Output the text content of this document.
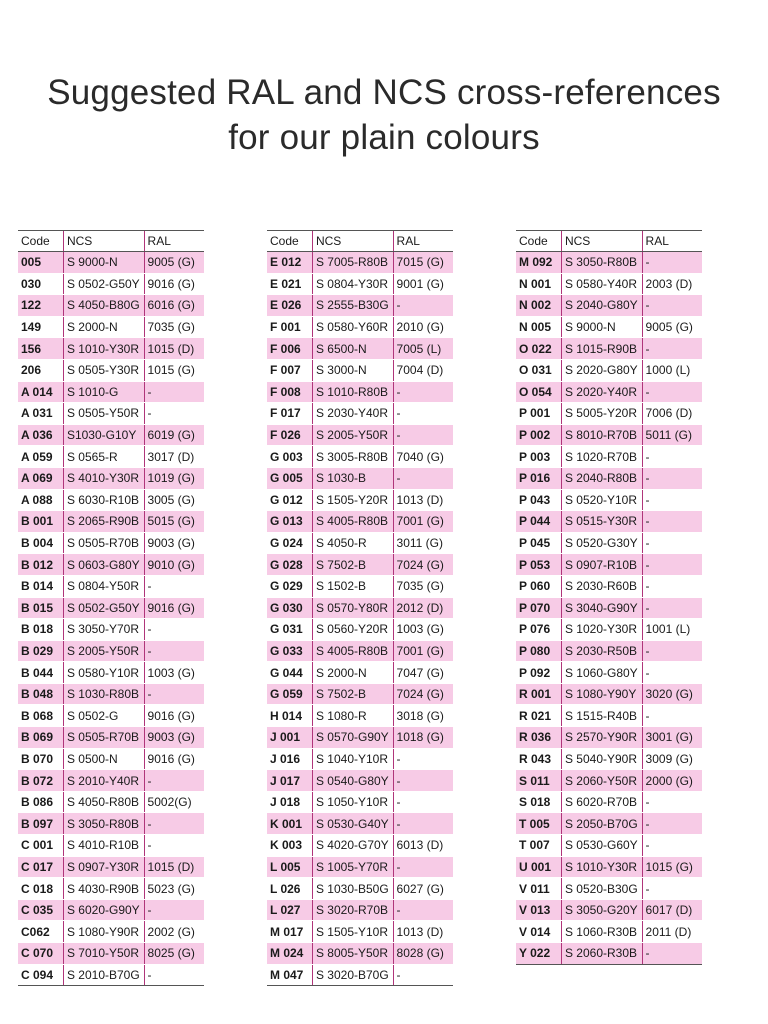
Suggested RAL and NCS cross-references
for our plain colours
Code	NCS	RAL
005	S 9000-N	9005 (G)
030	S 0502-G50Y	9016 (G)
122	S 4050-B80G	6016 (G)
149	S 2000-N	7035 (G)
156	S 1010-Y30R	1015 (D)
206	S 0505-Y30R	1015 (G)
A 014	S 1010-G	-
A 031	S 0505-Y50R	-
A 036	S1030-G10Y	6019 (G)
A 059	S 0565-R	3017 (D)
A 069	S 4010-Y30R	1019 (G)
A 088	S 6030-R10B	3005 (G)
B 001	S 2065-R90B	5015 (G)
B 004	S 0505-R70B	9003 (G)
B 012	S 0603-G80Y	9010 (G)
B 014	S 0804-Y50R	-
B 015	S 0502-G50Y	9016 (G)
B 018	S 3050-Y70R	-
B 029	S 2005-Y50R	-
B 044	S 0580-Y10R	1003 (G)
B 048	S 1030-R80B	-
B 068	S 0502-G	9016 (G)
B 069	S 0505-R70B	9003 (G)
B 070	S 0500-N	9016 (G)
B 072	S 2010-Y40R	-
B 086	S 4050-R80B	5002(G)
B 097	S 3050-R80B	-
C 001	S 4010-R10B	-
C 017	S 0907-Y30R	1015 (D)
C 018	S 4030-R90B	5023 (G)
C 035	S 6020-G90Y	-
C062	S 1080-Y90R	2002 (G)
C 070	S 7010-Y50R	8025 (G)
C 094	S 2010-B70G	-
Code	NCS	RAL
E 012	S 7005-R80B	7015 (G)
E 021	S 0804-Y30R	9001 (G)
E 026	S 2555-B30G	-
F 001	S 0580-Y60R	2010 (G)
F 006	S 6500-N	7005 (L)
F 007	S 3000-N	7004 (D)
F 008	S 1010-R80B	-
F 017	S 2030-Y40R	-
F 026	S 2005-Y50R	-
G 003	S 3005-R80B	7040 (G)
G 005	S 1030-B	-
G 012	S 1505-Y20R	1013 (D)
G 013	S 4005-R80B	7001 (G)
G 024	S 4050-R	3011 (G)
G 028	S 7502-B	7024 (G)
G 029	S 1502-B	7035 (G)
G 030	S 0570-Y80R	2012 (D)
G 031	S 0560-Y20R	1003 (G)
G 033	S 4005-R80B	7001 (G)
G 044	S 2000-N	7047 (G)
G 059	S 7502-B	7024 (G)
H 014	S 1080-R	3018 (G)
J 001	S 0570-G90Y	1018 (G)
J 016	S 1040-Y10R	-
J 017	S 0540-G80Y	-
J 018	S 1050-Y10R	-
K 001	S 0530-G40Y	-
K 003	S 4020-G70Y	6013 (D)
L 005	S 1005-Y70R	-
L 026	S 1030-B50G	6027 (G)
L 027	S 3020-R70B	-
M 017	S 1505-Y10R	1013 (D)
M 024	S 8005-Y50R	8028 (G)
M 047	S 3020-B70G	-
Code	NCS	RAL
M 092	S 3050-R80B	-
N 001	S 0580-Y40R	2003 (D)
N 002	S 2040-G80Y	-
N 005	S 9000-N	9005 (G)
O 022	S 1015-R90B	-
O 031	S 2020-G80Y	1000 (L)
O 054	S 2020-Y40R	-
P 001	S 5005-Y20R	7006 (D)
P 002	S 8010-R70B	5011 (G)
P 003	S 1020-R70B	-
P 016	S 2040-R80B	-
P 043	S 0520-Y10R	-
P 044	S 0515-Y30R	-
P 045	S 0520-G30Y	-
P 053	S 0907-R10B	-
P 060	S 2030-R60B	-
P 070	S 3040-G90Y	-
P 076	S 1020-Y30R	1001 (L)
P 080	S 2030-R50B	-
P 092	S 1060-G80Y	-
R 001	S 1080-Y90Y	3020 (G)
R 021	S 1515-R40B	-
R 036	S 2570-Y90R	3001 (G)
R 043	S 5040-Y90R	3009 (G)
S 011	S 2060-Y50R	2000 (G)
S 018	S 6020-R70B	-
T 005	S 2050-B70G	-
T 007	S 0530-G60Y	-
U 001	S 1010-Y30R	1015 (G)
V 011	S 0520-B30G	-
V 013	S 3050-G20Y	6017 (D)
V 014	S 1060-R30B	2011 (D)
Y 022	S 2060-R30B	-
